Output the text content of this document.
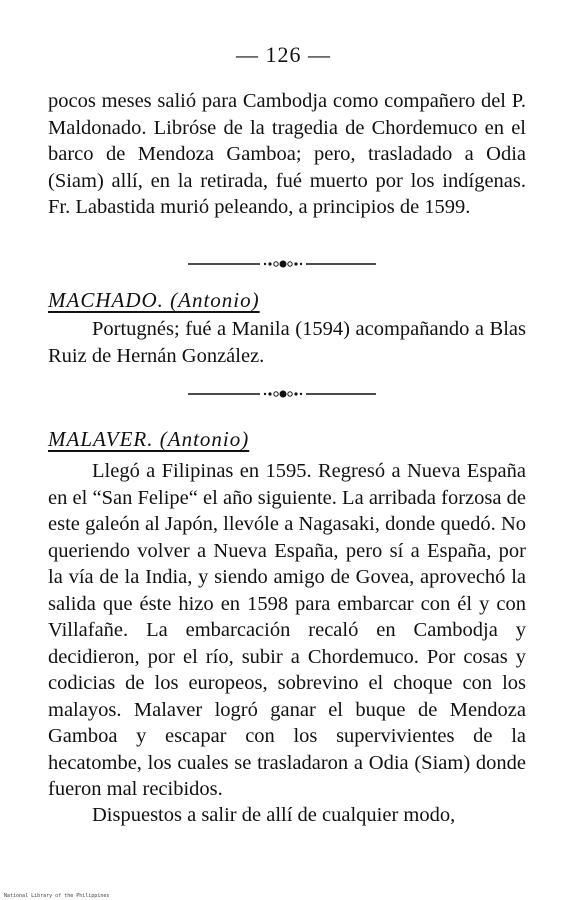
— 126 —

pocos meses salió para Cambodja como compañero del P. Maldonado. Libróse de la tragedia de Chordemuco en el barco de Mendoza Gamboa; pero, trasladado a Odia (Siam) allí, en la retirada, fué muerto por los indígenas. Fr. Labastida murió peleando, a principios de 1599.

MACHADO. (Antonio)

Portugnés; fué a Manila (1594) acompañando a Blas Ruiz de Hernán González.

MALAVER. (Antonio)

Llegó a Filipinas en 1595. Regresó a Nueva España en el “San Felipe“ el año siguiente. La arribada forzosa de este galeón al Japón, llevóle a Nagasaki, donde quedó. No queriendo volver a Nueva España, pero sí a España, por la vía de la India, y siendo amigo de Govea, aprovechó la salida que éste hizo en 1598 para embarcar con él y con Villafañe. La embarcación recaló en Cambodja y decidieron, por el río, subir a Chordemuco. Por cosas y codicias de los europeos, sobrevino el choque con los malayos. Malaver logró ganar el buque de Mendoza Gamboa y escapar con los supervivientes de la hecatombe, los cuales se trasladaron a Odia (Siam) donde fueron mal recibidos.

Dispuestos a salir de allí de cualquier modo,

National Library of the Philippines
